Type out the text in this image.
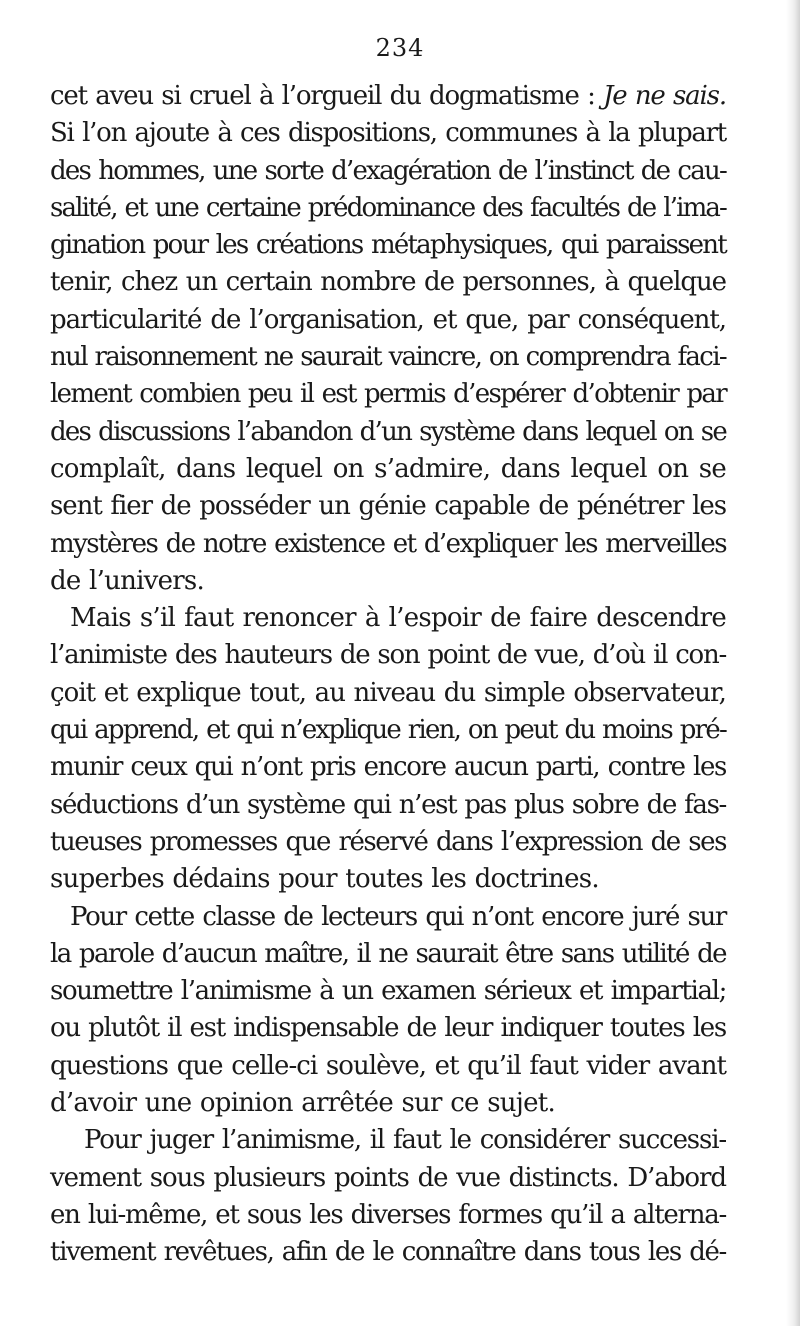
234
cet aveu si cruel à l’orgueil du dogmatisme : Je ne sais.
Si l’on ajoute à ces dispositions, communes à la plupart
des hommes, une sorte d’exagération de l’instinct de cau-
salité, et une certaine prédominance des facultés de l’ima-
gination pour les créations métaphysiques, qui paraissent
tenir, chez un certain nombre de personnes, à quelque
particularité de l’organisation, et que, par conséquent,
nul raisonnement ne saurait vaincre, on comprendra faci-
lement combien peu il est permis d’espérer d’obtenir par
des discussions l’abandon d’un système dans lequel on se
complaît, dans lequel on s’admire, dans lequel on se
sent fier de posséder un génie capable de pénétrer les
mystères de notre existence et d’expliquer les merveilles
de l’univers.
Mais s’il faut renoncer à l’espoir de faire descendre
l’animiste des hauteurs de son point de vue, d’où il con-
çoit et explique tout, au niveau du simple observateur,
qui apprend, et qui n’explique rien, on peut du moins pré-
munir ceux qui n’ont pris encore aucun parti, contre les
séductions d’un système qui n’est pas plus sobre de fas-
tueuses promesses que réservé dans l’expression de ses
superbes dédains pour toutes les doctrines.
Pour cette classe de lecteurs qui n’ont encore juré sur
la parole d’aucun maître, il ne saurait être sans utilité de
soumettre l’animisme à un examen sérieux et impartial;
ou plutôt il est indispensable de leur indiquer toutes les
questions que celle-ci soulève, et qu’il faut vider avant
d’avoir une opinion arrêtée sur ce sujet.
Pour juger l’animisme, il faut le considérer successi-
vement sous plusieurs points de vue distincts. D’abord
en lui-même, et sous les diverses formes qu’il a alterna-
tivement revêtues, afin de le connaître dans tous les dé-
